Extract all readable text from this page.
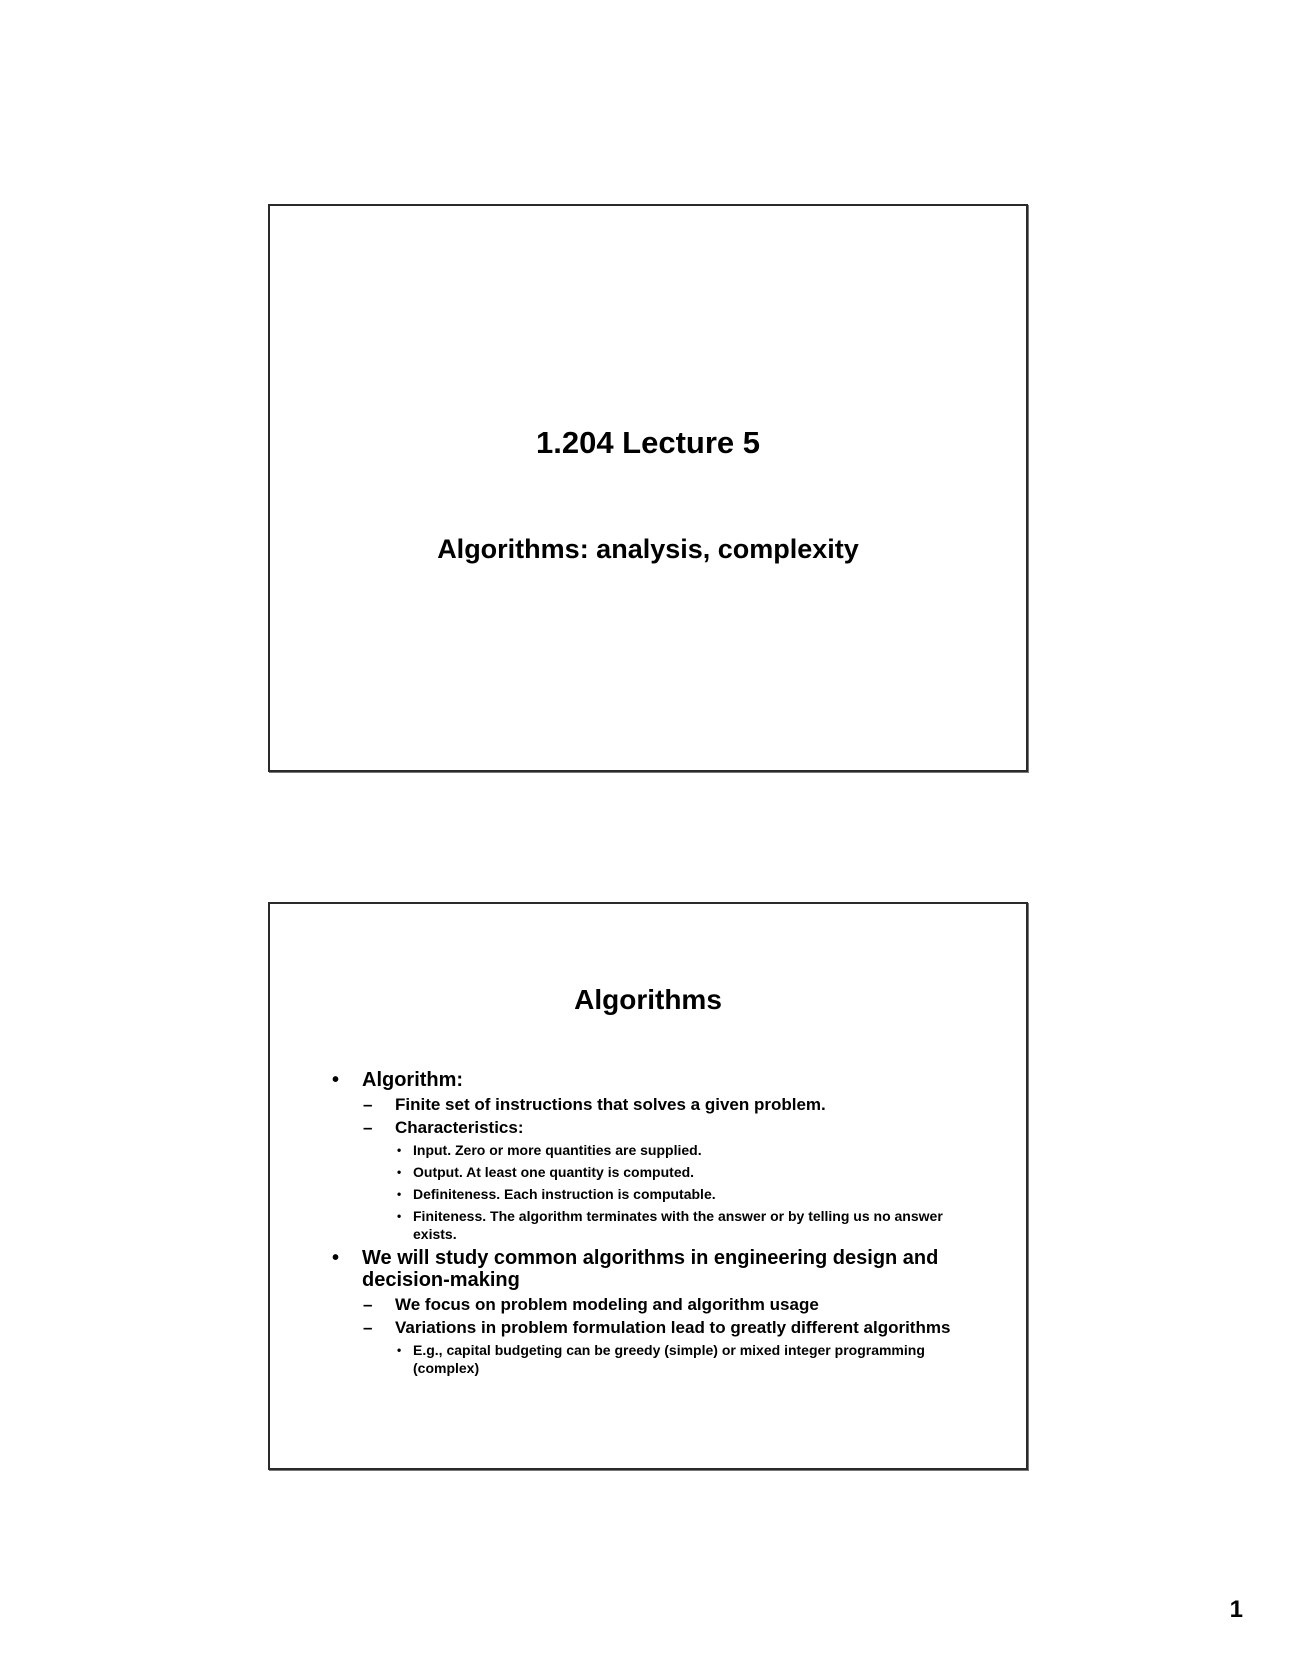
1.204 Lecture 5
Algorithms: analysis, complexity
Algorithms
• Algorithm:
– Finite set of instructions that solves a given problem.
– Characteristics:
• Input. Zero or more quantities are supplied.
• Output. At least one quantity is computed.
• Definiteness. Each instruction is computable.
• Finiteness. The algorithm terminates with the answer or by telling us no answer exists.
• We will study common algorithms in engineering design and decision-making
– We focus on problem modeling and algorithm usage
– Variations in problem formulation lead to greatly different algorithms
• E.g., capital budgeting can be greedy (simple) or mixed integer programming (complex)
1
